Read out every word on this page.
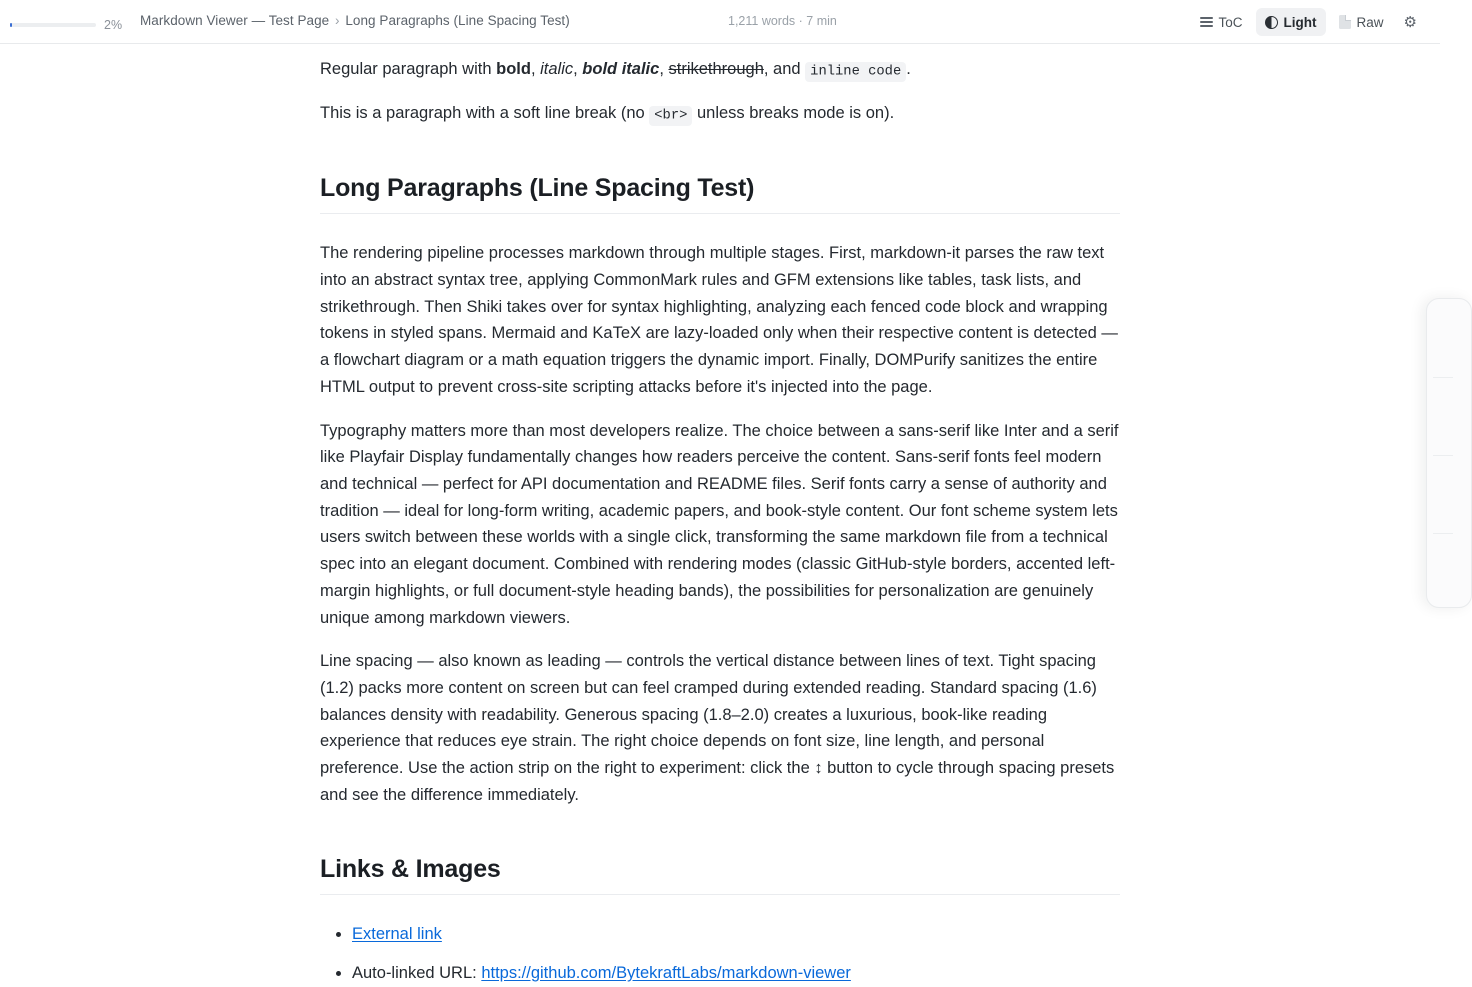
2% Markdown Viewer — Test Page › Long Paragraphs (Line Spacing Test)	1,211 words · 7 min	ToC	Light	Raw ⚙

Regular paragraph with bold, italic, bold italic, strikethrough, and inline code .

This is a paragraph with a soft line break (no <br> unless breaks mode is on).

Long Paragraphs (Line Spacing Test)

The rendering pipeline processes markdown through multiple stages. First, markdown-it parses the raw text into an abstract syntax tree, applying CommonMark rules and GFM extensions like tables, task lists, and strikethrough. Then Shiki takes over for syntax highlighting, analyzing each fenced code block and wrapping tokens in styled spans. Mermaid and KaTeX are lazy-loaded only when their respective content is detected — a flowchart diagram or a math equation triggers the dynamic import. Finally, DOMPurify sanitizes the entire HTML output to prevent cross-site scripting attacks before it's injected into the page.

Typography matters more than most developers realize. The choice between a sans-serif like Inter and a serif like Playfair Display fundamentally changes how readers perceive the content. Sans-serif fonts feel modern and technical — perfect for API documentation and README files. Serif fonts carry a sense of authority and tradition — ideal for long-form writing, academic papers, and book-style content. Our font scheme system lets users switch between these worlds with a single click, transforming the same markdown file from a technical spec into an elegant document. Combined with rendering modes (classic GitHub-style borders, accented left-margin highlights, or full document-style heading bands), the possibilities for personalization are genuinely unique among markdown viewers.

Line spacing — also known as leading — controls the vertical distance between lines of text. Tight spacing (1.2) packs more content on screen but can feel cramped during extended reading. Standard spacing (1.6) balances density with readability. Generous spacing (1.8–2.0) creates a luxurious, book-like reading experience that reduces eye strain. The right choice depends on font size, line length, and personal preference. Use the action strip on the right to experiment: click the ↕ button to cycle through spacing presets and see the difference immediately.

Links & Images
• External link
• Auto-linked URL: https://github.com/BytekraftLabs/markdown-viewer
